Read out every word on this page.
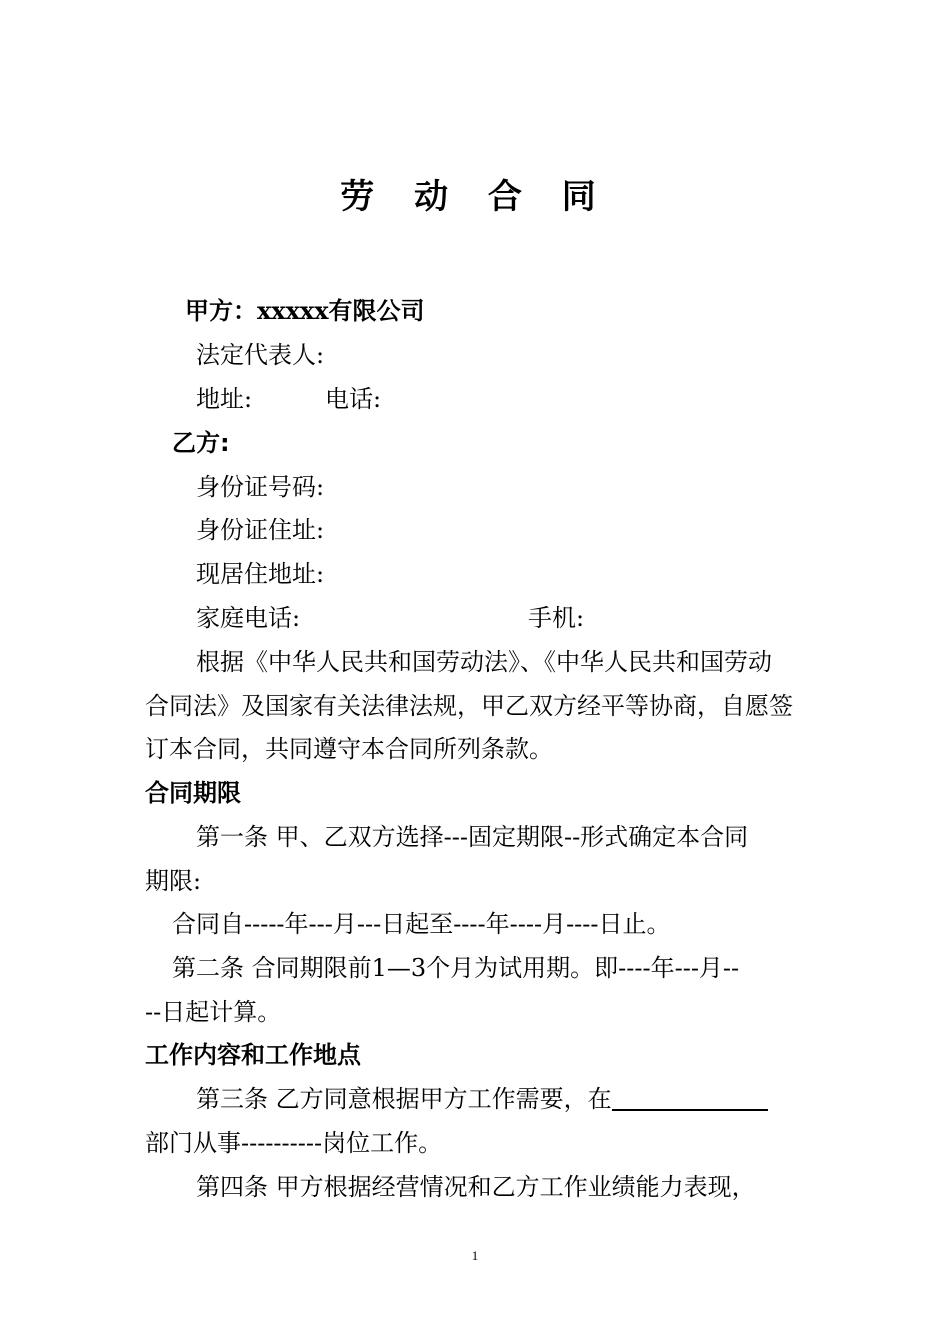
劳 动 合 同

甲方：xxxxx有限公司

法定代表人:

地址:	电话:

乙方:

身份证号码:

身份证住址:

现居住地址:

家庭电话:	手机:

根据《中华人民共和国劳动法》、《中华人民共和国劳动

合同法》及国家有关法律法规，甲乙双方经平等协商，自愿签

订本合同，共同遵守本合同所列条款。

合同期限

第一条 甲、乙双方选择---固定期限--形式确定本合同

期限:

合同自-----年---月---日起至----年----月----日止。

第二条 合同期限前1—3个月为试用期。即----年---月--

--日起计算。

工作内容和工作地点

第三条 乙方同意根据甲方工作需要，在

部门从事----------岗位工作。

第四条 甲方根据经营情况和乙方工作业绩能力表现，

1
